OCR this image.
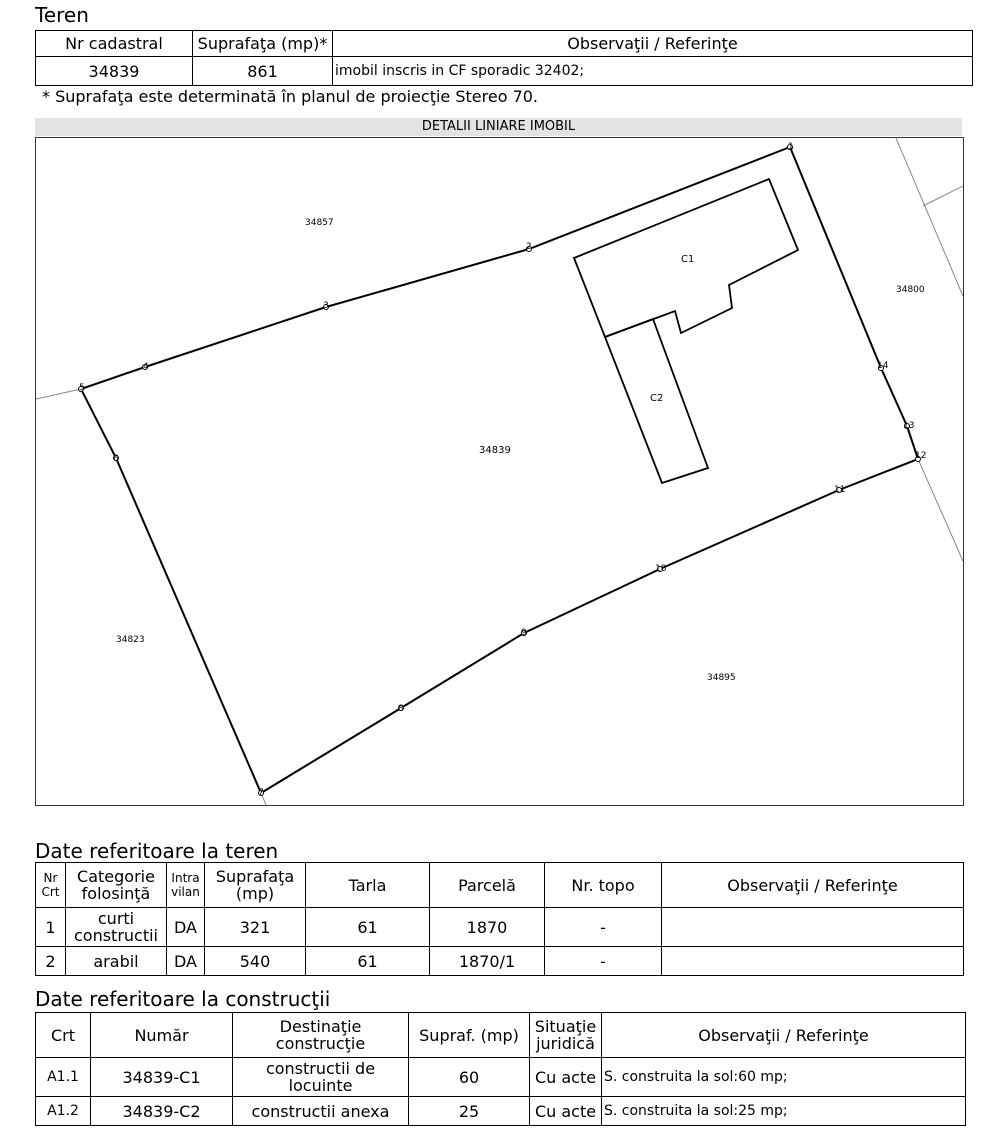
Teren
Nr cadastral	Suprafaţa (mp)*	Observaţii / Referinţe
34839	861	imobil inscris in CF sporadic 32402;
* Suprafaţa este determinată în planul de proiecţie Stereo 70.
DETALII LINIARE IMOBIL
1
2
3
4
5
6
7
8
9
10
11
12
13
14
34857
34800
34839
34823
34895
C1
C2
Date referitoare la teren
Nr Crt	Categorie folosinţă	Intra vilan	Suprafaţa (mp)	Tarla	Parcelă	Nr. topo	Observaţii / Referinţe
1	curti constructii	DA	321	61	1870	-	
2	arabil	DA	540	61	1870/1	-	
Date referitoare la construcţii
Crt	Număr	Destinaţie construcţie	Supraf. (mp)	Situaţie juridică	Observaţii / Referinţe
A1.1	34839-C1	constructii de locuinte	60	Cu acte	S. construita la sol:60 mp;
A1.2	34839-C2	constructii anexa	25	Cu acte	S. construita la sol:25 mp;
